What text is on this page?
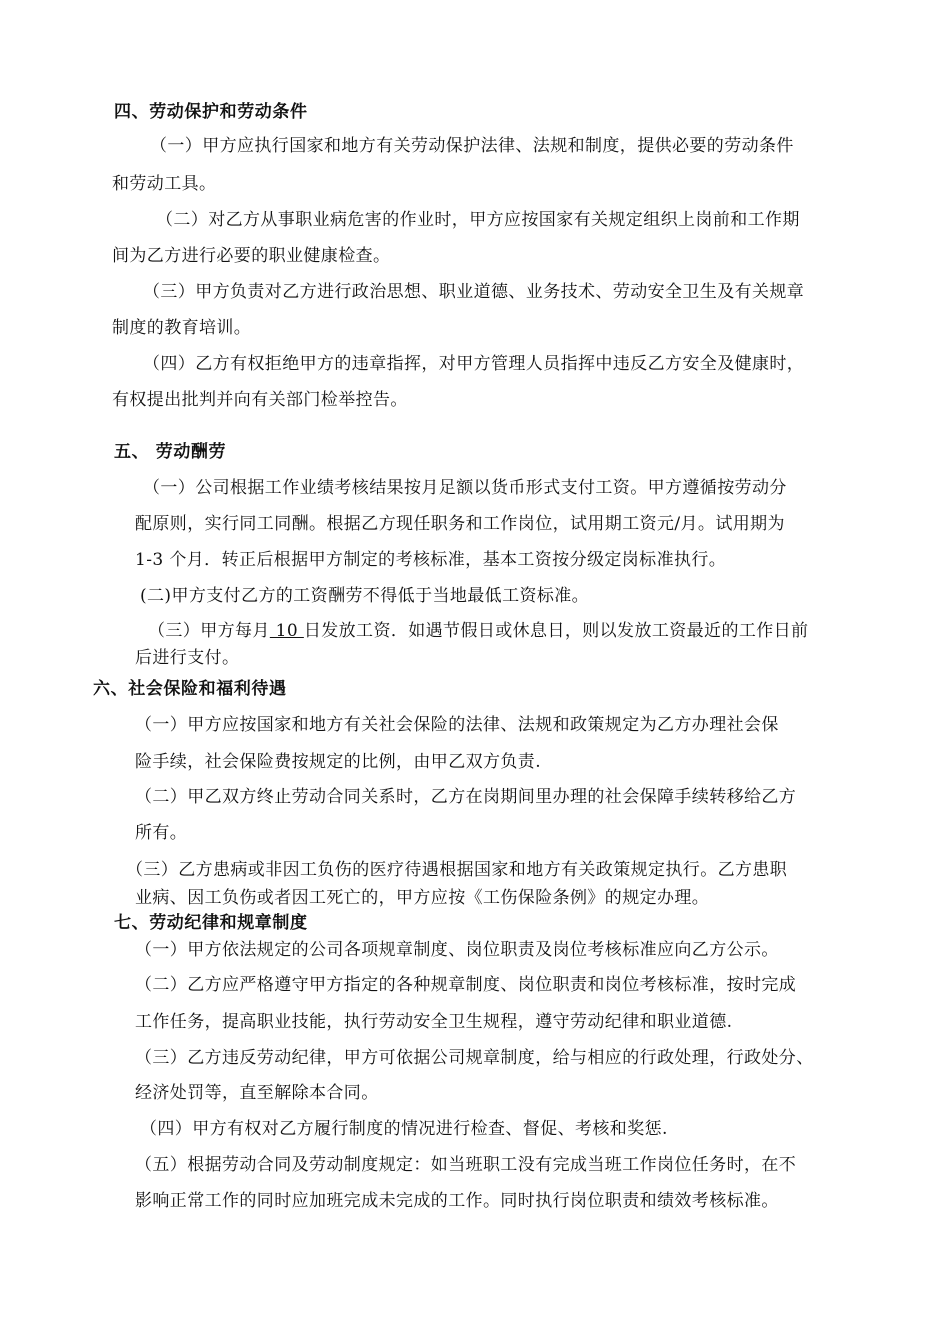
四、劳动保护和劳动条件
（一）甲方应执行国家和地方有关劳动保护法律、法规和制度，提供必要的劳动条件
和劳动工具。
（二）对乙方从事职业病危害的作业时，甲方应按国家有关规定组织上岗前和工作期
间为乙方进行必要的职业健康检查。
（三）甲方负责对乙方进行政治思想、职业道德、业务技术、劳动安全卫生及有关规章
制度的教育培训。
（四）乙方有权拒绝甲方的违章指挥，对甲方管理人员指挥中违反乙方安全及健康时，
有权提出批判并向有关部门检举控告。
五、 劳动酬劳
（一）公司根据工作业绩考核结果按月足额以货币形式支付工资。甲方遵循按劳动分
配原则，实行同工同酬。根据乙方现任职务和工作岗位，试用期工资元/月。试用期为
1-3 个月．转正后根据甲方制定的考核标准，基本工资按分级定岗标准执行。
(二)甲方支付乙方的工资酬劳不得低于当地最低工资标准。
（三）甲方每月 10 日发放工资．如遇节假日或休息日，则以发放工资最近的工作日前
后进行支付。
六、社会保险和福利待遇
（一）甲方应按国家和地方有关社会保险的法律、法规和政策规定为乙方办理社会保
险手续，社会保险费按规定的比例，由甲乙双方负责.
（二）甲乙双方终止劳动合同关系时，乙方在岗期间里办理的社会保障手续转移给乙方
所有。
（三）乙方患病或非因工负伤的医疗待遇根据国家和地方有关政策规定执行。乙方患职
业病、因工负伤或者因工死亡的，甲方应按《工伤保险条例》的规定办理。
七、劳动纪律和规章制度
（一）甲方依法规定的公司各项规章制度、岗位职责及岗位考核标准应向乙方公示。
（二）乙方应严格遵守甲方指定的各种规章制度、岗位职责和岗位考核标准，按时完成
工作任务，提高职业技能，执行劳动安全卫生规程，遵守劳动纪律和职业道德.
（三）乙方违反劳动纪律，甲方可依据公司规章制度，给与相应的行政处理，行政处分、
经济处罚等，直至解除本合同。
（四）甲方有权对乙方履行制度的情况进行检查、督促、考核和奖惩.
（五）根据劳动合同及劳动制度规定：如当班职工没有完成当班工作岗位任务时，在不
影响正常工作的同时应加班完成未完成的工作。同时执行岗位职责和绩效考核标准。
